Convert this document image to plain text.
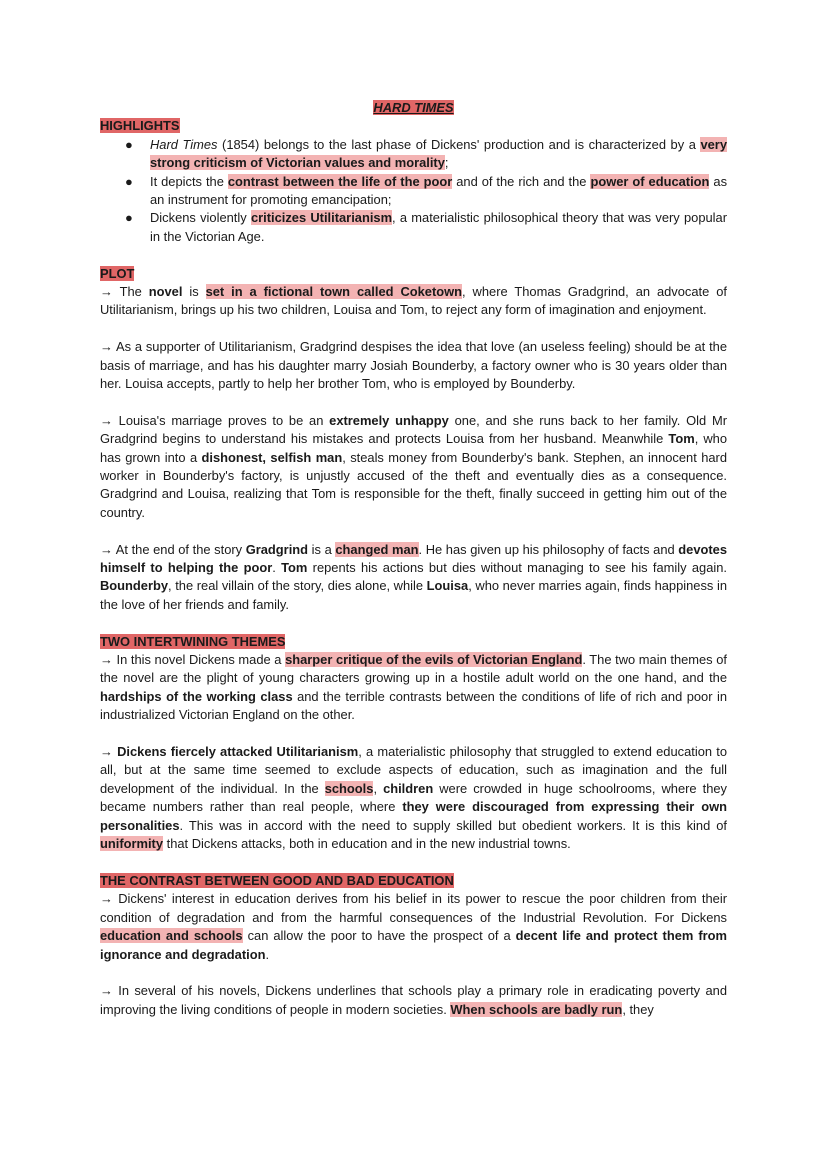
HARD TIMES

HIGHLIGHTS

● Hard Times (1854) belongs to the last phase of Dickens' production and is characterized by a very strong criticism of Victorian values and morality;
● It depicts the contrast between the life of the poor and of the rich and the power of education as an instrument for promoting emancipation;
● Dickens violently criticizes Utilitarianism, a materialistic philosophical theory that was very popular in the Victorian Age.

PLOT

→ The novel is set in a fictional town called Coketown, where Thomas Gradgrind, an advocate of Utilitarianism, brings up his two children, Louisa and Tom, to reject any form of imagination and enjoyment.

→ As a supporter of Utilitarianism, Gradgrind despises the idea that love (an useless feeling) should be at the basis of marriage, and has his daughter marry Josiah Bounderby, a factory owner who is 30 years older than her. Louisa accepts, partly to help her brother Tom, who is employed by Bounderby.

→ Louisa's marriage proves to be an extremely unhappy one, and she runs back to her family. Old Mr Gradgrind begins to understand his mistakes and protects Louisa from her husband. Meanwhile Tom, who has grown into a dishonest, selfish man, steals money from Bounderby's bank. Stephen, an innocent hard worker in Bounderby's factory, is unjustly accused of the theft and eventually dies as a consequence. Gradgrind and Louisa, realizing that Tom is responsible for the theft, finally succeed in getting him out of the country.

→ At the end of the story Gradgrind is a changed man. He has given up his philosophy of facts and devotes himself to helping the poor. Tom repents his actions but dies without managing to see his family again. Bounderby, the real villain of the story, dies alone, while Louisa, who never marries again, finds happiness in the love of her friends and family.

TWO INTERTWINING THEMES

→ In this novel Dickens made a sharper critique of the evils of Victorian England. The two main themes of the novel are the plight of young characters growing up in a hostile adult world on the one hand, and the hardships of the working class and the terrible contrasts between the conditions of life of rich and poor in industrialized Victorian England on the other.

→ Dickens fiercely attacked Utilitarianism, a materialistic philosophy that struggled to extend education to all, but at the same time seemed to exclude aspects of education, such as imagination and the full development of the individual. In the schools, children were crowded in huge schoolrooms, where they became numbers rather than real people, where they were discouraged from expressing their own personalities. This was in accord with the need to supply skilled but obedient workers. It is this kind of uniformity that Dickens attacks, both in education and in the new industrial towns.

THE CONTRAST BETWEEN GOOD AND BAD EDUCATION

→ Dickens' interest in education derives from his belief in its power to rescue the poor children from their condition of degradation and from the harmful consequences of the Industrial Revolution. For Dickens education and schools can allow the poor to have the prospect of a decent life and protect them from ignorance and degradation.

→ In several of his novels, Dickens underlines that schools play a primary role in eradicating poverty and improving the living conditions of people in modern societies. When schools are badly run, they
